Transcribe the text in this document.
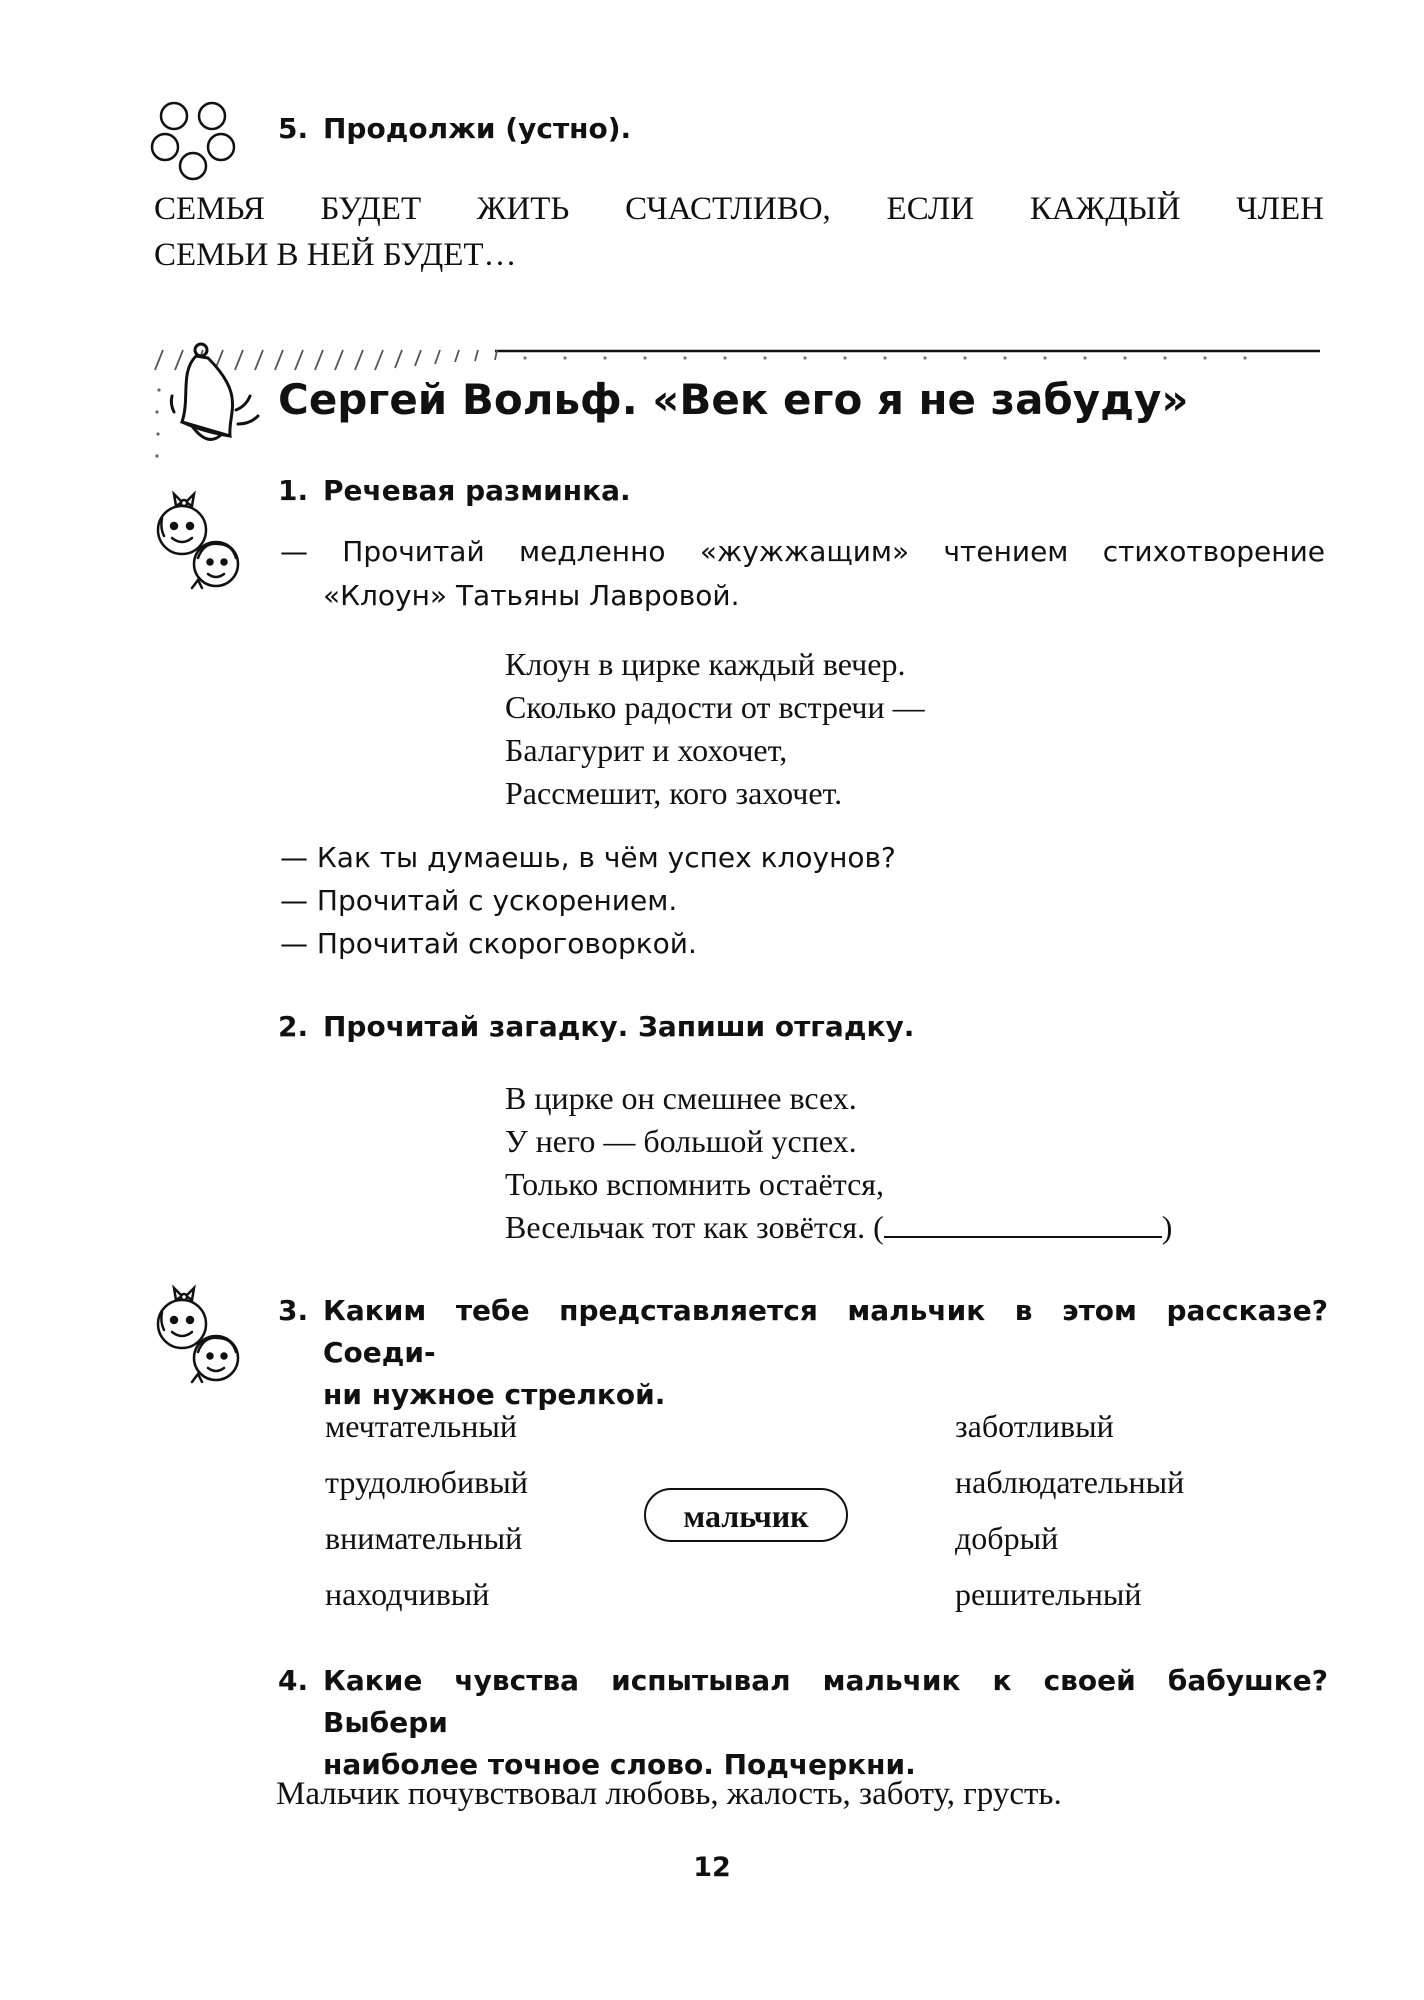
5. Продолжи (устно).
СЕМЬЯ БУДЕТ ЖИТЬ СЧАСТЛИВО, ЕСЛИ КАЖДЫЙ ЧЛЕН
СЕМЬИ В НЕЙ БУДЕТ…
Сергей Вольф. «Век его я не забуду»
1. Речевая разминка.
— Прочитай медленно «жужжащим» чтением стихотворение
«Клоун» Татьяны Лавровой.
Клоун в цирке каждый вечер.
Сколько радости от встречи —
Балагурит и хохочет,
Рассмешит, кого захочет.
— Как ты думаешь, в чём успех клоунов?
— Прочитай с ускорением.
— Прочитай скороговоркой.
2. Прочитай загадку. Запиши отгадку.
В цирке он смешнее всех.
У него — большой успех.
Только вспомнить остаётся,
Весельчак тот как зовётся. (	)
3. Каким тебе представляется мальчик в этом рассказе? Соеди-
ни нужное стрелкой.
мечтательный
трудолюбивый
внимательный
находчивый
мальчик
заботливый
наблюдательный
добрый
решительный
4. Какие чувства испытывал мальчик к своей бабушке? Выбери
наиболее точное слово. Подчеркни.
Мальчик почувствовал любовь, жалость, заботу, грусть.
12
